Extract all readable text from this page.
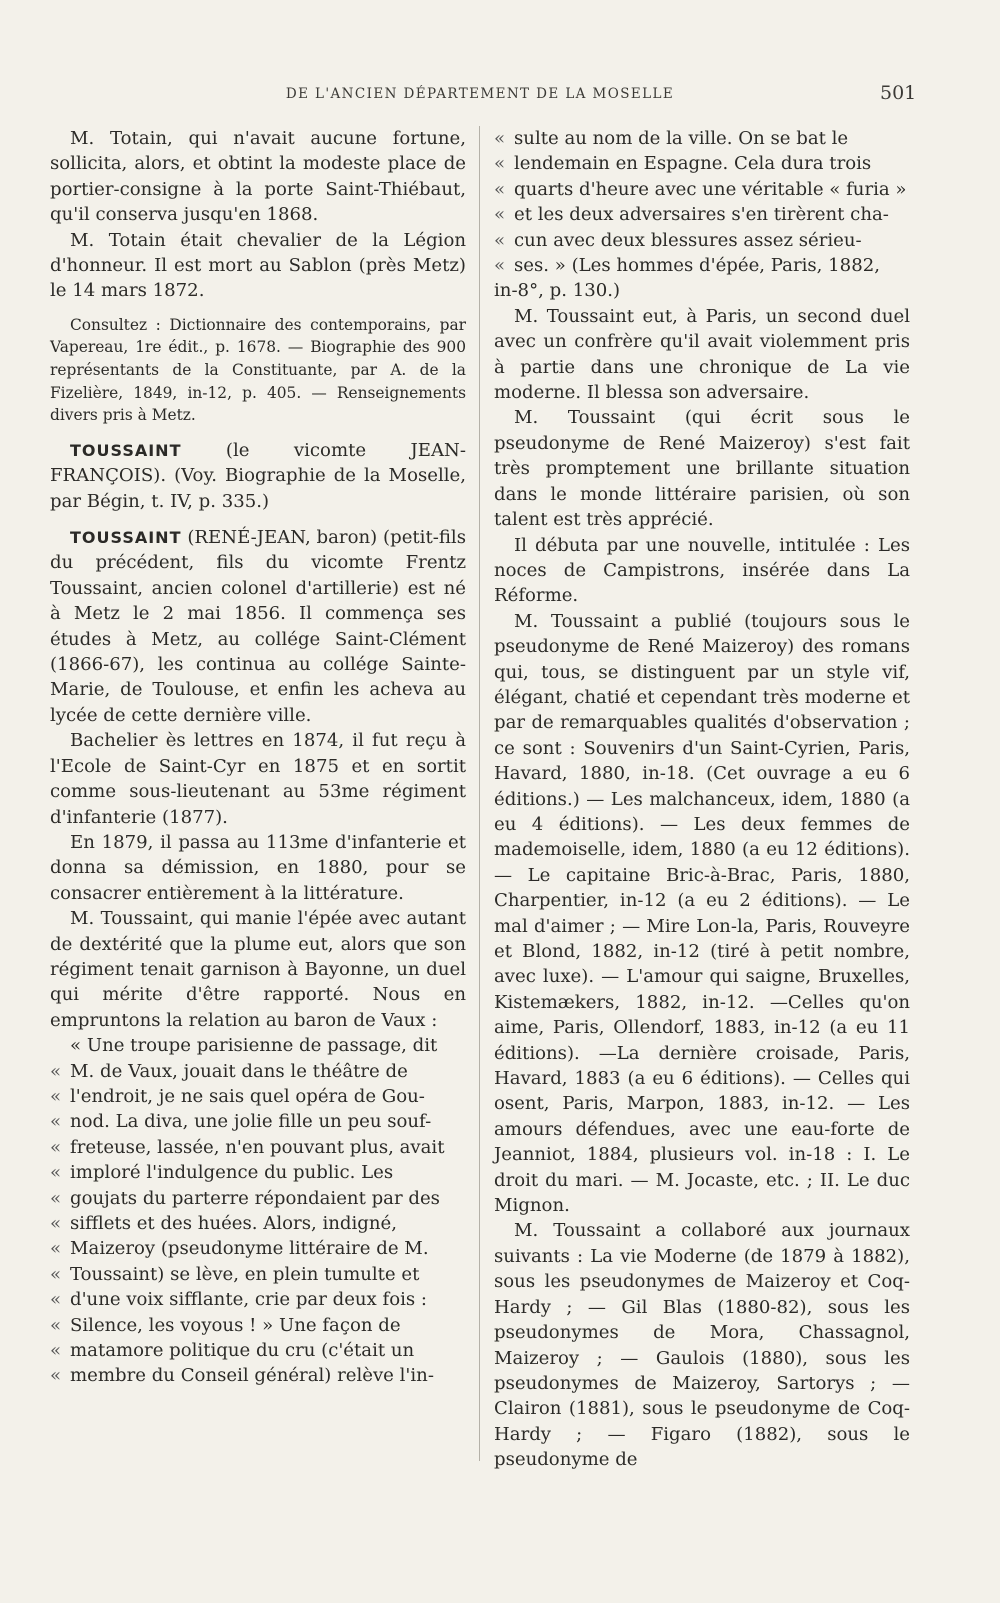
DE L'ANCIEN DÉPARTEMENT DE LA MOSELLE	501

M. Totain, qui n'avait aucune fortune, sollicita, alors, et obtint la modeste place de portier-consigne à la porte Saint-Thiébaut, qu'il conserva jusqu'en 1868.

M. Totain était chevalier de la Légion d'honneur. Il est mort au Sablon (près Metz) le 14 mars 1872.

Consultez : Dictionnaire des contemporains, par Vapereau, 1re édit., p. 1678. — Biographie des 900 représentants de la Constituante, par A. de la Fizelière, 1849, in-12, p. 405. — Renseignements divers pris à Metz.

TOUSSAINT (le vicomte JEAN-FRANÇOIS). (Voy. Biographie de la Moselle, par Bégin, t. IV, p. 335.)

TOUSSAINT (RENÉ-JEAN, baron) (petit-fils du précédent, fils du vicomte Frentz Toussaint, ancien colonel d'artillerie) est né à Metz le 2 mai 1856. Il commença ses études à Metz, au collége Saint-Clément (1866-67), les continua au collége Sainte-Marie, de Toulouse, et enfin les acheva au lycée de cette dernière ville.

Bachelier ès lettres en 1874, il fut reçu à l'Ecole de Saint-Cyr en 1875 et en sortit comme sous-lieutenant au 53me régiment d'infanterie (1877).

En 1879, il passa au 113me d'infanterie et donna sa démission, en 1880, pour se consacrer entièrement à la littérature.

M. Toussaint, qui manie l'épée avec autant de dextérité que la plume eut, alors que son régiment tenait garnison à Bayonne, un duel qui mérite d'être rapporté. Nous en empruntons la relation au baron de Vaux :

« Une troupe parisienne de passage, dit

« M. de Vaux, jouait dans le théâtre de

« l'endroit, je ne sais quel opéra de Gou-

« nod. La diva, une jolie fille un peu souf-

« freteuse, lassée, n'en pouvant plus, avait

« imploré l'indulgence du public. Les

« goujats du parterre répondaient par des

« sifflets et des huées. Alors, indigné,

« Maizeroy (pseudonyme littéraire de M.

« Toussaint) se lève, en plein tumulte et

« d'une voix sifflante, crie par deux fois :

« Silence, les voyous ! » Une façon de

« matamore politique du cru (c'était un

« membre du Conseil général) relève l'in-

« sulte au nom de la ville. On se bat le

« lendemain en Espagne. Cela dura trois

« quarts d'heure avec une véritable « furia »

« et les deux adversaires s'en tirèrent cha-

« cun avec deux blessures assez sérieu-

« ses. » (Les hommes d'épée, Paris, 1882,

in-8°, p. 130.)

M. Toussaint eut, à Paris, un second duel avec un confrère qu'il avait violemment pris à partie dans une chronique de La vie moderne. Il blessa son adversaire.

M. Toussaint (qui écrit sous le pseudonyme de René Maizeroy) s'est fait très promptement une brillante situation dans le monde littéraire parisien, où son talent est très apprécié.

Il débuta par une nouvelle, intitulée : Les noces de Campistrons, insérée dans La Réforme.

M. Toussaint a publié (toujours sous le pseudonyme de René Maizeroy) des romans qui, tous, se distinguent par un style vif, élégant, chatié et cependant très moderne et par de remarquables qualités d'observation ; ce sont : Souvenirs d'un Saint-Cyrien, Paris, Havard, 1880, in-18. (Cet ouvrage a eu 6 éditions.) — Les malchanceux, idem, 1880 (a eu 4 éditions). — Les deux femmes de mademoiselle, idem, 1880 (a eu 12 éditions). — Le capitaine Bric-à-Brac, Paris, 1880, Charpentier, in-12 (a eu 2 éditions). — Le mal d'aimer ; — Mire Lon-la, Paris, Rouveyre et Blond, 1882, in-12 (tiré à petit nombre, avec luxe). — L'amour qui saigne, Bruxelles, Kistemækers, 1882, in-12. —Celles qu'on aime, Paris, Ollendorf, 1883, in-12 (a eu 11 éditions). —La dernière croisade, Paris, Havard, 1883 (a eu 6 éditions). — Celles qui osent, Paris, Marpon, 1883, in-12. — Les amours défendues, avec une eau-forte de Jeanniot, 1884, plusieurs vol. in-18 : I. Le droit du mari. — M. Jocaste, etc. ; II. Le duc Mignon.

M. Toussaint a collaboré aux journaux suivants : La vie Moderne (de 1879 à 1882), sous les pseudonymes de Maizeroy et Coq-Hardy ; — Gil Blas (1880-82), sous les pseudonymes de Mora, Chassagnol, Maizeroy ; — Gaulois (1880), sous les pseudonymes de Maizeroy, Sartorys ; — Clairon (1881), sous le pseudonyme de Coq-Hardy ; — Figaro (1882), sous le pseudonyme de
